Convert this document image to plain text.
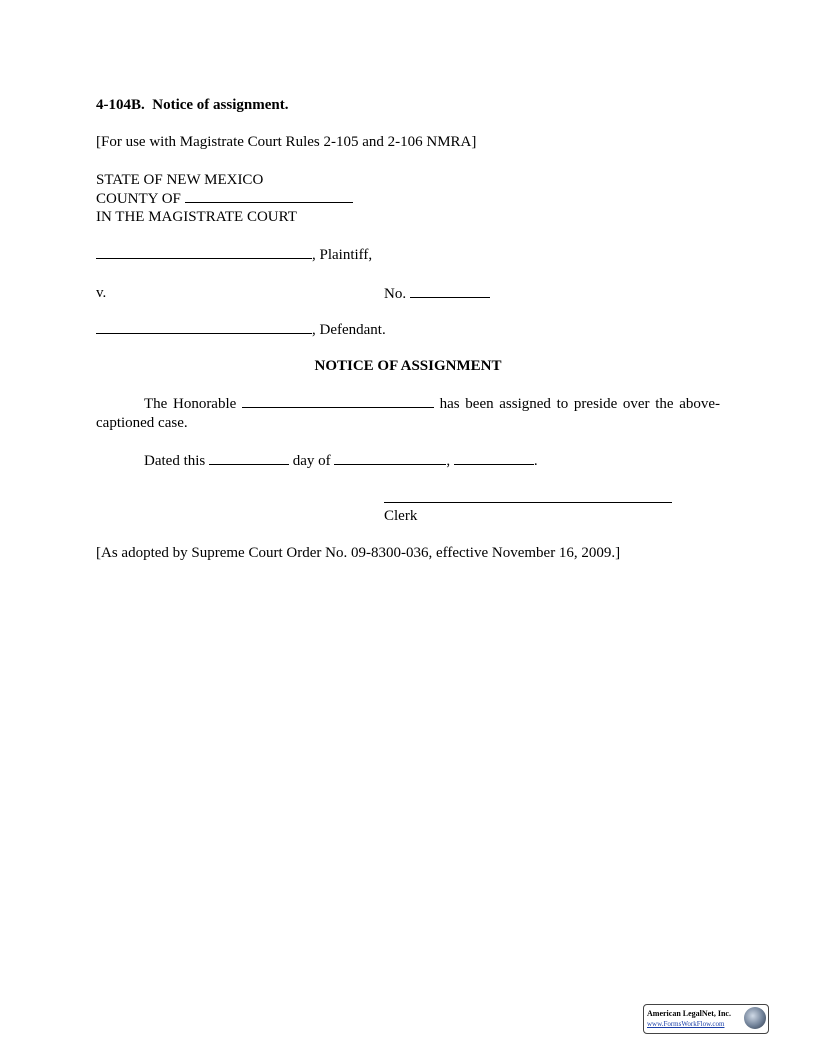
4-104B.  Notice of assignment.
[For use with Magistrate Court Rules 2-105 and 2-106 NMRA]
STATE OF NEW MEXICO
COUNTY OF
IN THE MAGISTRATE COURT
, Plaintiff,
v.	No.
, Defendant.
NOTICE OF ASSIGNMENT
The Honorable	has been assigned to preside over the above-captioned case.
Dated this	day of	,	.
Clerk
[As adopted by Supreme Court Order No. 09-8300-036, effective November 16, 2009.]
American LegalNet, Inc.
www.FormsWorkFlow.com
